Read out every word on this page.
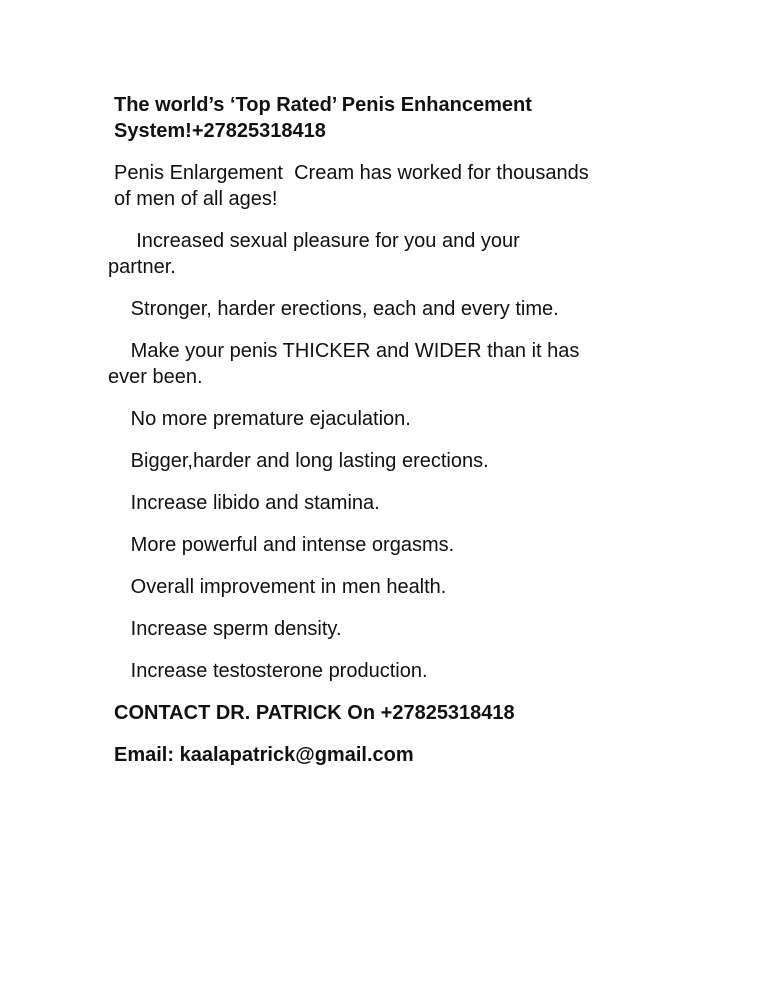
The world’s ‘Top Rated’ Penis Enhancement
System!+27825318418
Penis Enlargement  Cream has worked for thousands
of men of all ages!
Increased sexual pleasure for you and your
partner.
Stronger, harder erections, each and every time.
Make your penis THICKER and WIDER than it has
ever been.
No more premature ejaculation.
Bigger,harder and long lasting erections.
Increase libido and stamina.
More powerful and intense orgasms.
Overall improvement in men health.
Increase sperm density.
Increase testosterone production.
CONTACT DR. PATRICK On +27825318418
Email: kaalapatrick@gmail.com
